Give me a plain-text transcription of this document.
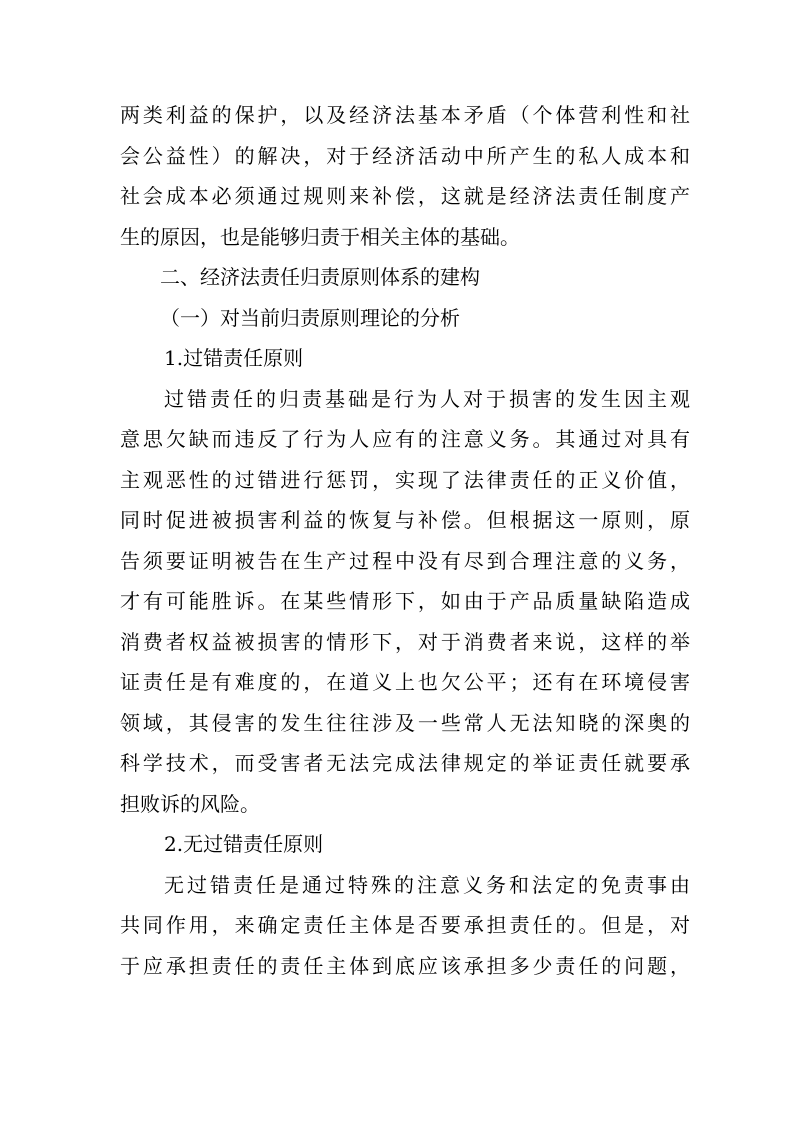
两类利益的保护，以及经济法基本矛盾（个体营利性和社
会公益性）的解决，对于经济活动中所产生的私人成本和
社会成本必须通过规则来补偿，这就是经济法责任制度产
生的原因，也是能够归责于相关主体的基础。
二、经济法责任归责原则体系的建构
（一）对当前归责原则理论的分析
1.过错责任原则
过错责任的归责基础是行为人对于损害的发生因主观
意思欠缺而违反了行为人应有的注意义务。其通过对具有
主观恶性的过错进行惩罚，实现了法律责任的正义价值，
同时促进被损害利益的恢复与补偿。但根据这一原则，原
告须要证明被告在生产过程中没有尽到合理注意的义务，
才有可能胜诉。在某些情形下，如由于产品质量缺陷造成
消费者权益被损害的情形下，对于消费者来说，这样的举
证责任是有难度的，在道义上也欠公平；还有在环境侵害
领域，其侵害的发生往往涉及一些常人无法知晓的深奥的
科学技术，而受害者无法完成法律规定的举证责任就要承
担败诉的风险。
2.无过错责任原则
无过错责任是通过特殊的注意义务和法定的免责事由
共同作用，来确定责任主体是否要承担责任的。但是，对
于应承担责任的责任主体到底应该承担多少责任的问题，
